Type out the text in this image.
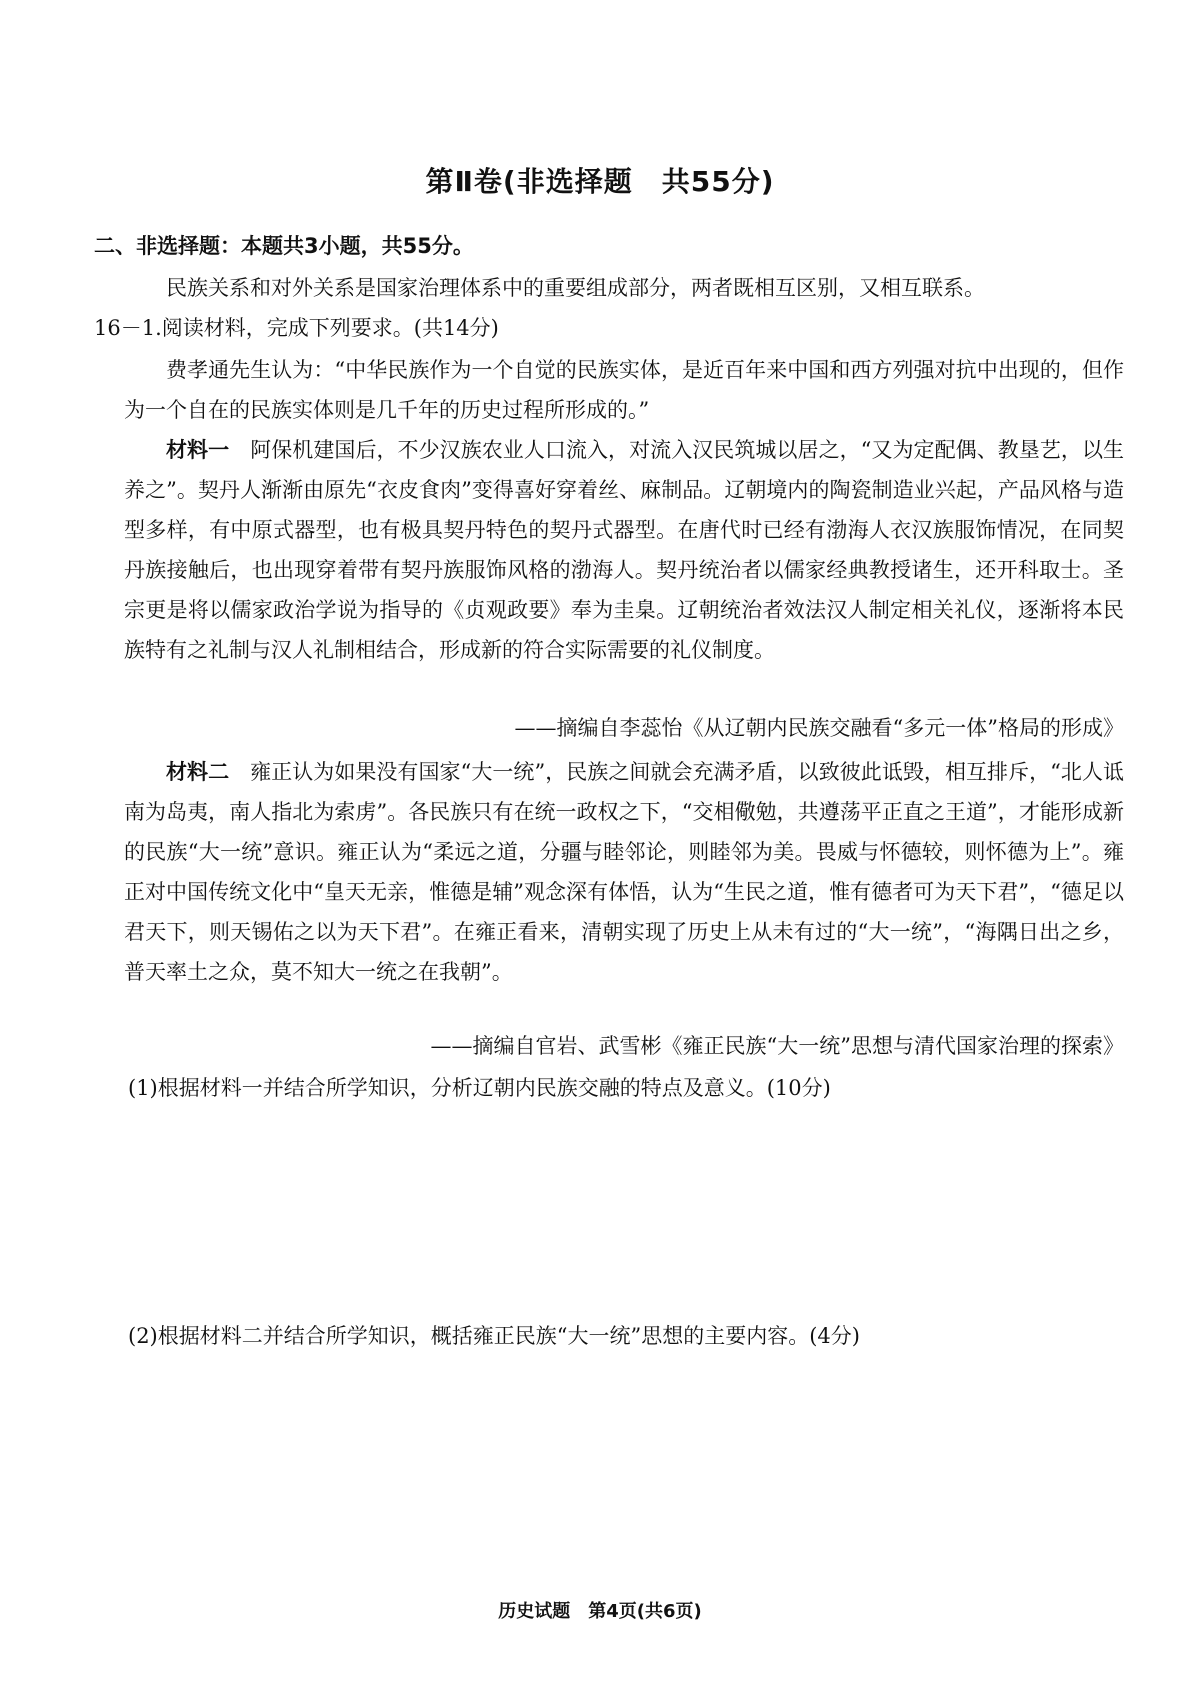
第Ⅱ卷(非选择题　共55分)
二、非选择题：本题共3小题，共55分。
民族关系和对外关系是国家治理体系中的重要组成部分，两者既相互区别，又相互联系。
16－1.阅读材料，完成下列要求。(共14分)
费孝通先生认为：“中华民族作为一个自觉的民族实体，是近百年来中国和西方列强对抗中出现的，但作为一个自在的民族实体则是几千年的历史过程所形成的。”
材料一　阿保机建国后，不少汉族农业人口流入，对流入汉民筑城以居之，“又为定配偶、教垦艺，以生养之”。契丹人渐渐由原先“衣皮食肉”变得喜好穿着丝、麻制品。辽朝境内的陶瓷制造业兴起，产品风格与造型多样，有中原式器型，也有极具契丹特色的契丹式器型。在唐代时已经有渤海人衣汉族服饰情况，在同契丹族接触后，也出现穿着带有契丹族服饰风格的渤海人。契丹统治者以儒家经典教授诸生，还开科取士。圣宗更是将以儒家政治学说为指导的《贞观政要》奉为圭臬。辽朝统治者效法汉人制定相关礼仪，逐渐将本民族特有之礼制与汉人礼制相结合，形成新的符合实际需要的礼仪制度。
——摘编自李蕊怡《从辽朝内民族交融看“多元一体”格局的形成》
材料二　雍正认为如果没有国家“大一统”，民族之间就会充满矛盾，以致彼此诋毁，相互排斥，“北人诋南为岛夷，南人指北为索虏”。各民族只有在统一政权之下，“交相儆勉，共遵荡平正直之王道”，才能形成新的民族“大一统”意识。雍正认为“柔远之道，分疆与睦邻论，则睦邻为美。畏威与怀德较，则怀德为上”。雍正对中国传统文化中“皇天无亲，惟德是辅”观念深有体悟，认为“生民之道，惟有德者可为天下君”，“德足以君天下，则天锡佑之以为天下君”。在雍正看来，清朝实现了历史上从未有过的“大一统”，“海隅日出之乡，普天率土之众，莫不知大一统之在我朝”。
——摘编自官岩、武雪彬《雍正民族“大一统”思想与清代国家治理的探索》
(1)根据材料一并结合所学知识，分析辽朝内民族交融的特点及意义。(10分)
(2)根据材料二并结合所学知识，概括雍正民族“大一统”思想的主要内容。(4分)
历史试题　第4页(共6页)
